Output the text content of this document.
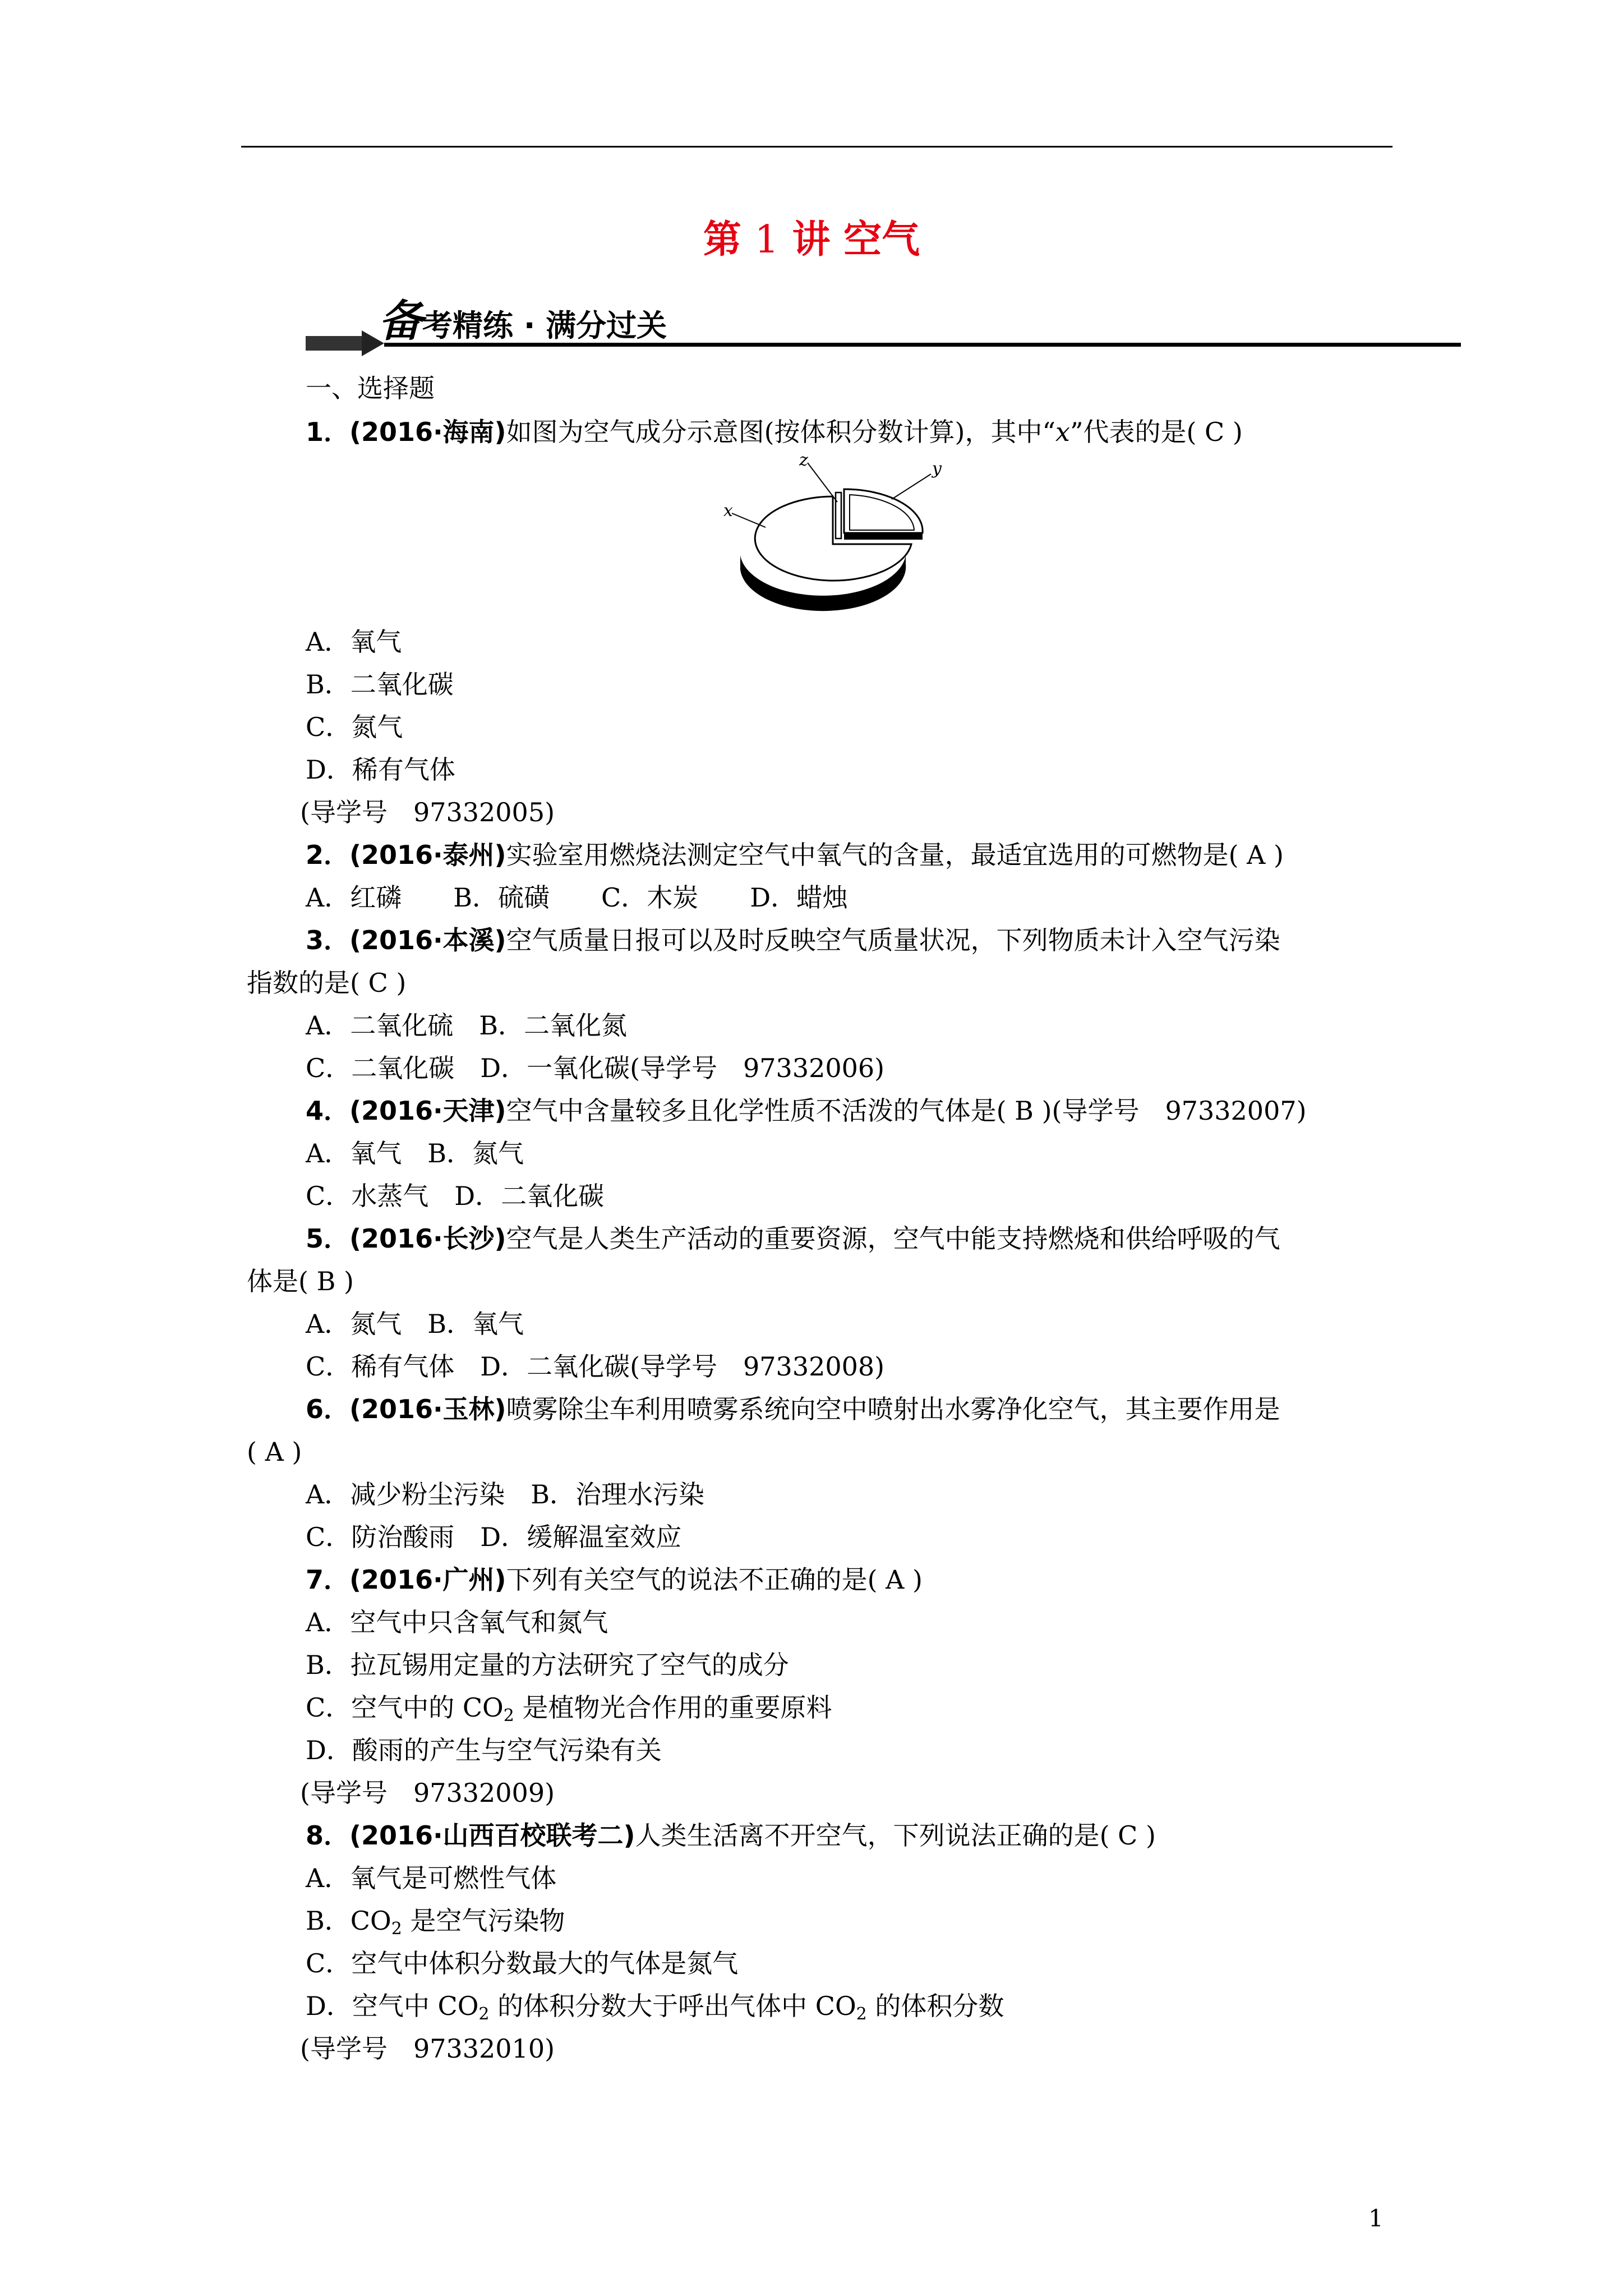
第 1 讲 空气
备考精练 · 满分过关
一、选择题
1．(2016·海南)如图为空气成分示意图(按体积分数计算)，其中“x”代表的是( C )
x
z	y
A．氧气
B．二氧化碳
C．氮气
D．稀有气体
(导学号　97332005)
2．(2016·泰州)实验室用燃烧法测定空气中氧气的含量，最适宜选用的可燃物是( A )
A．红磷　　B．硫磺　　C．木炭　　D．蜡烛
3．(2016·本溪)空气质量日报可以及时反映空气质量状况，下列物质未计入空气污染
指数的是( C )
A．二氧化硫　B．二氧化氮
C．二氧化碳　D．一氧化碳(导学号　97332006)
4．(2016·天津)空气中含量较多且化学性质不活泼的气体是( B )(导学号　97332007)
A．氧气　B．氮气
C．水蒸气　D．二氧化碳
5．(2016·长沙)空气是人类生产活动的重要资源，空气中能支持燃烧和供给呼吸的气
体是( B )
A．氮气　B．氧气
C．稀有气体　D．二氧化碳(导学号　97332008)
6．(2016·玉林)喷雾除尘车利用喷雾系统向空中喷射出水雾净化空气，其主要作用是
( A )
A．减少粉尘污染　B．治理水污染
C．防治酸雨　D．缓解温室效应
7．(2016·广州)下列有关空气的说法不正确的是( A )
A．空气中只含氧气和氮气
B．拉瓦锡用定量的方法研究了空气的成分
C．空气中的 $CO_2$ 是植物光合作用的重要原料
D．酸雨的产生与空气污染有关
(导学号　97332009)
8．(2016·山西百校联考二)人类生活离不开空气，下列说法正确的是( C )
A．氧气是可燃性气体
B．$CO_2$ 是空气污染物
C．空气中体积分数最大的气体是氮气
D．空气中 $CO_2$ 的体积分数大于呼出气体中 $CO_2$ 的体积分数
(导学号　97332010)
1
